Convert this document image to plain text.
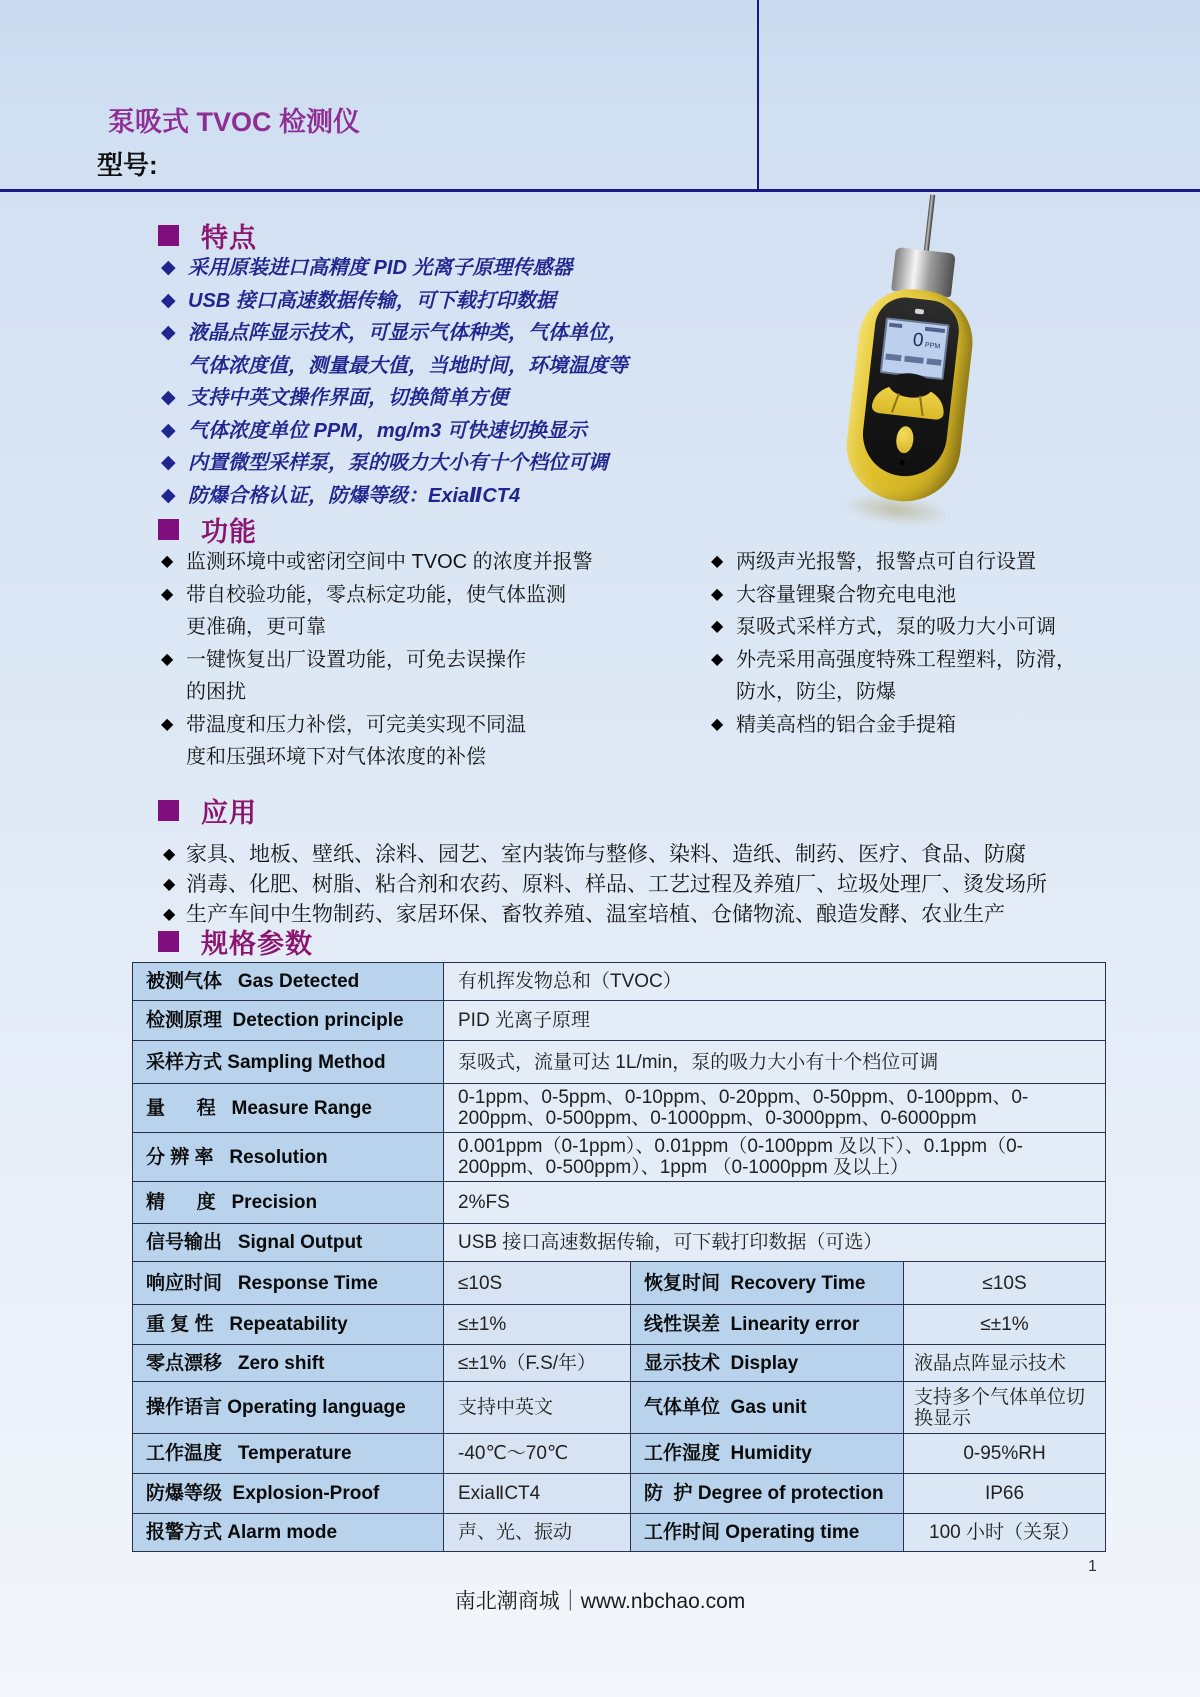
泵吸式 TVOC 检测仪
型号:
0PPM
特点
◆
采用原装进口高精度 PID 光离子原理传感器
◆
USB 接口高速数据传输，可下载打印数据
◆
液晶点阵显示技术，可显示气体种类，气体单位，
气体浓度值，测量最大值，当地时间，环境温度等
◆
支持中英文操作界面，切换简单方便
◆
气体浓度单位 PPM，mg/m3 可快速切换显示
◆
内置微型采样泵，泵的吸力大小有十个档位可调
◆
防爆合格认证，防爆等级：ExiaⅡCT4
功能
◆
监测环境中或密闭空间中 TVOC 的浓度并报警
◆
带自校验功能，零点标定功能，使气体监测
更准确，更可靠
◆
一键恢复出厂设置功能，可免去误操作
的困扰
◆
带温度和压力补偿，可完美实现不同温
度和压强环境下对气体浓度的补偿
◆
两级声光报警，报警点可自行设置
◆
大容量锂聚合物充电电池
◆
泵吸式采样方式，泵的吸力大小可调
◆
外壳采用高强度特殊工程塑料，防滑，
防水，防尘，防爆
◆
精美高档的铝合金手提箱
应用
◆
家具、地板、壁纸、涂料、园艺、室内装饰与整修、染料、造纸、制药、医疗、食品、防腐
◆
消毒、化肥、树脂、粘合剂和农药、原料、样品、工艺过程及养殖厂、垃圾处理厂、烫发场所
◆
生产车间中生物制药、家居环保、畜牧养殖、温室培植、仓储物流、酿造发酵、农业生产
规格参数
被测气体   Gas Detected	有机挥发物总和（TVOC）		
检测原理  Detection principle	PID 光离子原理		
采样方式 Sampling Method	泵吸式，流量可达 1L/min，泵的吸力大小有十个档位可调		
量      程   Measure Range	0-1ppm、0-5ppm、0-10ppm、0-20ppm、0-50ppm、0-100ppm、0-200ppm、0-500ppm、0-1000ppm、0-3000ppm、0-6000ppm		
分 辨 率   Resolution	0.001ppm（0-1ppm）、0.01ppm（0-100ppm 及以下）、0.1ppm（0-200ppm、0-500ppm）、1ppm （0-1000ppm 及以上）		
精      度   Precision	2%FS		
信号输出   Signal Output	USB 接口高速数据传输，可下载打印数据（可选）		
响应时间   Response Time	≤10S	恢复时间  Recovery Time	≤10S
重 复 性   Repeatability	≤±1%	线性误差  Linearity error	≤±1%
零点漂移   Zero shift	≤±1%（F.S/年）	显示技术  Display	液晶点阵显示技术
操作语言 Operating language	支持中英文	气体单位  Gas unit	支持多个气体单位切换显示
工作温度   Temperature	-40℃～70℃	工作湿度  Humidity	0-95%RH
防爆等级  Explosion-Proof	ExiaⅡCT4	防  护 Degree of protection	IP66
报警方式 Alarm mode	声、光、振动	工作时间 Operating time	100 小时（关泵）
南北潮商城｜www.nbchao.com
1
